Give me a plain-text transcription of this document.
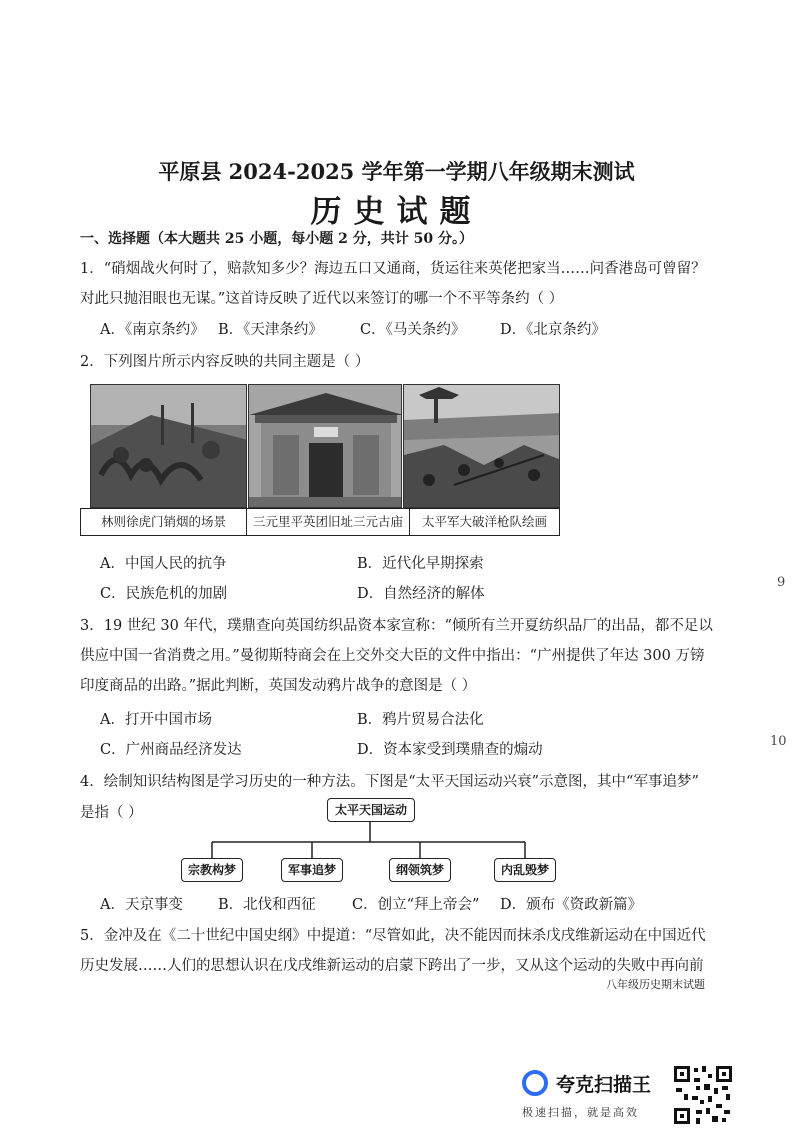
平原县 2024-2025 学年第一学期八年级期末测试
历史试题
一、选择题（本大题共 25 小题，每小题 2 分，共计 50 分。）
1．“硝烟战火何时了，赔款知多少？海边五口又通商，货运往来英佬把家当……问香港岛可曾留？
对此只抛泪眼也无谋。”这首诗反映了近代以来签订的哪一个不平等条约（ ）
A．《南京条约》 B．《天津条约》	C．《马关条约》 D．《北京条约》
2．下列图片所示内容反映的共同主题是（ ）
林则徐虎门销烟的场景	三元里平英团旧址三元古庙	太平军大破洋枪队绘画
A．中国人民的抗争	B．近代化早期探索
C．民族危机的加剧	D．自然经济的解体
9
3．19 世纪 30 年代，璞鼎查向英国纺织品资本家宣称：“倾所有兰开夏纺织品厂的出品，都不足以
供应中国一省消费之用。”曼彻斯特商会在上交外交大臣的文件中指出：“广州提供了年达 300 万镑
印度商品的出路。”据此判断，英国发动鸦片战争的意图是（ ）
A．打开中国市场	B．鸦片贸易合法化
C．广州商品经济发达	D．资本家受到璞鼎查的煽动
10
4．绘制知识结构图是学习历史的一种方法。下图是“太平天国运动兴衰”示意图，其中“军事追梦”
是指（ ）	太平天国运动
宗教构梦	军事追梦	纲领筑梦	内乱毁梦
A．天京事变 B．北伐和西征	C．创立“拜上帝会” D．颁布《资政新篇》
5．金冲及在《二十世纪中国史纲》中提道：“尽管如此，决不能因而抹杀戊戌维新运动在中国近代
历史发展……人们的思想认识在戊戌维新运动的启蒙下跨出了一步，又从这个运动的失败中再向前
八年级历史期末试题
夸克扫描王
极速扫描，就是高效
